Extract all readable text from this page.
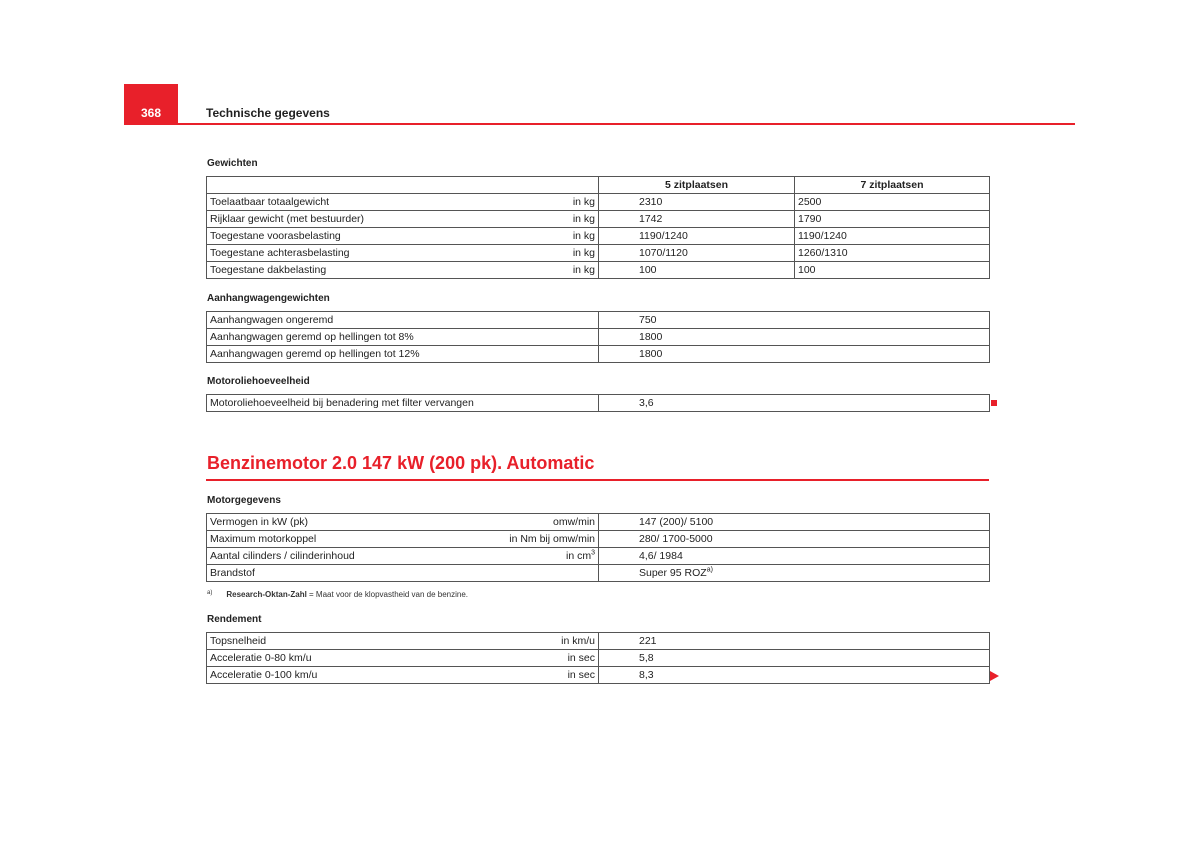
368	Technische gegevens
Gewichten
		5 zitplaatsen	7 zitplaatsen
Toelaatbaar totaalgewicht	in kg	2310	2500
Rijklaar gewicht (met bestuurder)	in kg	1742	1790
Toegestane voorasbelasting	in kg	1190/1240	1190/1240
Toegestane achterasbelasting	in kg	1070/1120	1260/1310
Toegestane dakbelasting	in kg	100	100
Aanhangwagengewichten
Aanhangwagen ongeremd	750
Aanhangwagen geremd op hellingen tot 8%	1800
Aanhangwagen geremd op hellingen tot 12%	1800
Motoroliehoeveelheid
Motoroliehoeveelheid bij benadering met filter vervangen	3,6
Benzinemotor 2.0 147 kW (200 pk). Automatic
Motorgegevens
Vermogen in kW (pk)	omw/min	147 (200)/ 5100
Maximum motorkoppel	in Nm bij omw/min	280/ 1700-5000
Aantal cilinders / cilinderinhoud	in $cm^3$	4,6/ 1984
Brandstof		Super 95 ROZ$^{a)}$
$^{a)}$ Research-Oktan-Zahl = Maat voor de klopvastheid van de benzine.
Rendement
Topsnelheid	in km/u	221
Acceleratie 0-80 km/u	in sec	5,8
Acceleratie 0-100 km/u	in sec	8,3
